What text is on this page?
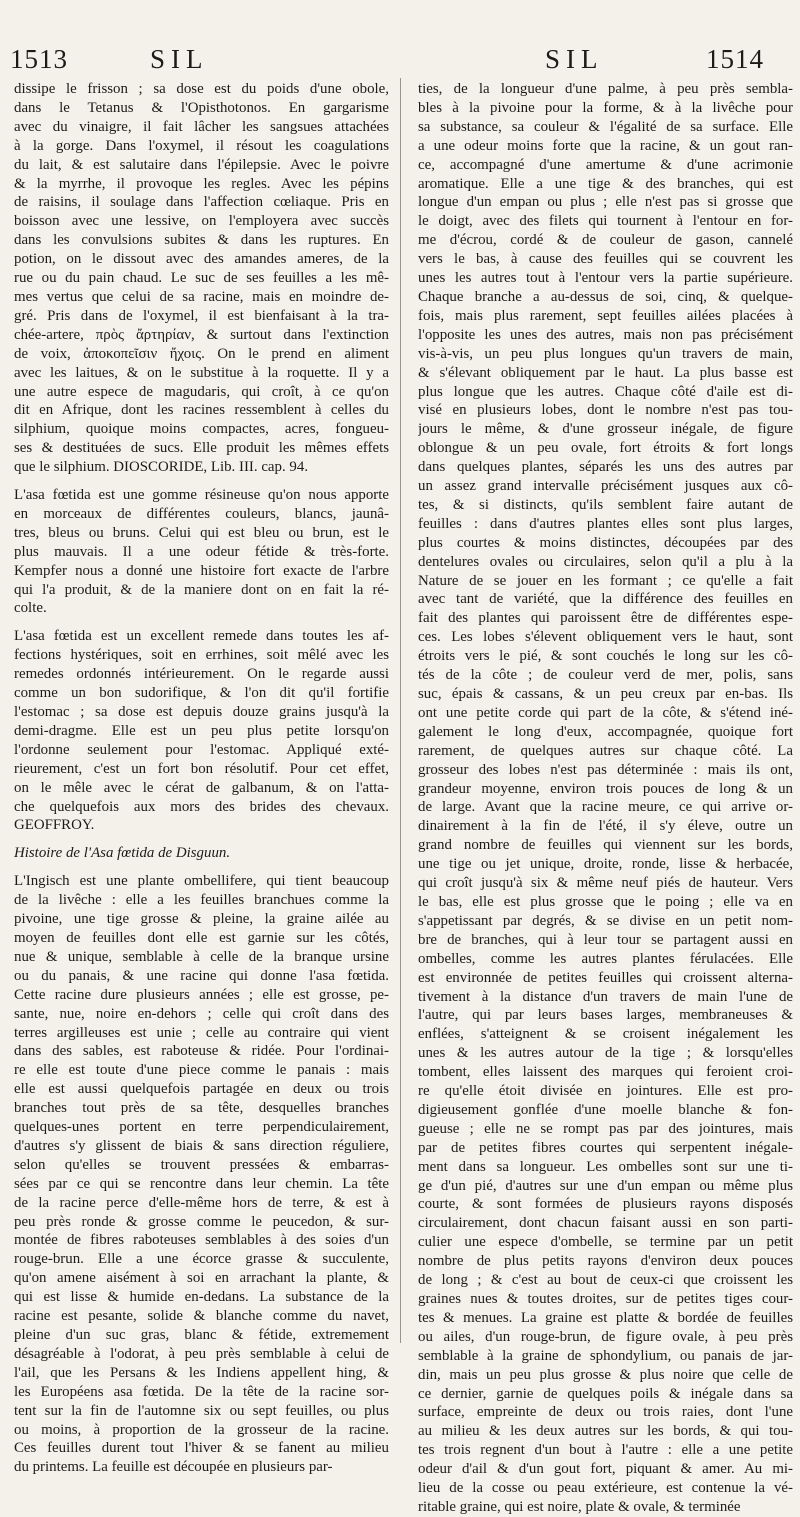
1513	SIL	SIL	1514
dissipe le frisson ; sa dose est du poids d'une obole,
dans le Tetanus & l'Opisthotonos. En gargarisme
avec du vinaigre, il fait lâcher les sangsues attachées
à la gorge. Dans l'oxymel, il résout les coagulations
du lait, & est salutaire dans l'épilepsie. Avec le poivre
& la myrrhe, il provoque les regles. Avec les pépins
de raisins, il soulage dans l'affection cœliaque. Pris en
boisson avec une lessive, on l'employera avec succès
dans les convulsions subites & dans les ruptures. En
potion, on le dissout avec des amandes ameres, de la
rue ou du pain chaud. Le suc de ses feuilles a les mê-
mes vertus que celui de sa racine, mais en moindre de-
gré. Pris dans de l'oxymel, il est bienfaisant à la tra-
chée-artere, πρὸς ἄρτηρίαν, & surtout dans l'extinction
de voix, ἀποκοπεῖσιν ἤχοις. On le prend en aliment
avec les laitues, & on le substitue à la roquette. Il y a
une autre espece de magudaris, qui croît, à ce qu'on
dit en Afrique, dont les racines ressemblent à celles du
silphium, quoique moins compactes, acres, fongueu-
ses & destituées de sucs. Elle produit les mêmes effets
que le silphium. DIOSCORIDE, Lib. III. cap. 94.
L'asa fœtida est une gomme résineuse qu'on nous apporte
en morceaux de différentes couleurs, blancs, jaunâ-
tres, bleus ou bruns. Celui qui est bleu ou brun, est le
plus mauvais. Il a une odeur fétide & très-forte.
Kempfer nous a donné une histoire fort exacte de l'arbre
qui l'a produit, & de la maniere dont on en fait la ré-
colte.
L'asa fœtida est un excellent remede dans toutes les af-
fections hystériques, soit en errhines, soit mêlé avec les
remedes ordonnés intérieurement. On le regarde aussi
comme un bon sudorifique, & l'on dit qu'il fortifie
l'estomac ; sa dose est depuis douze grains jusqu'à la
demi-dragme. Elle est un peu plus petite lorsqu'on
l'ordonne seulement pour l'estomac. Appliqué exté-
rieurement, c'est un fort bon résolutif. Pour cet effet,
on le mêle avec le cérat de galbanum, & on l'atta-
che quelquefois aux mors des brides des chevaux.
GEOFFROY.
Histoire de l'Asa fœtida de Disguun.
L'Ingisch est une plante ombellifere, qui tient beaucoup
de la livêche : elle a les feuilles branchues comme la
pivoine, une tige grosse & pleine, la graine ailée au
moyen de feuilles dont elle est garnie sur les côtés,
nue & unique, semblable à celle de la branque ursine
ou du panais, & une racine qui donne l'asa fœtida.
Cette racine dure plusieurs années ; elle est grosse, pe-
sante, nue, noire en-dehors ; celle qui croît dans des
terres argilleuses est unie ; celle au contraire qui vient
dans des sables, est raboteuse & ridée. Pour l'ordinai-
re elle est toute d'une piece comme le panais : mais
elle est aussi quelquefois partagée en deux ou trois
branches tout près de sa tête, desquelles branches
quelques-unes portent en terre perpendiculairement,
d'autres s'y glissent de biais & sans direction réguliere,
selon qu'elles se trouvent pressées & embarras-
sées par ce qui se rencontre dans leur chemin. La tête
de la racine perce d'elle-même hors de terre, & est à
peu près ronde & grosse comme le peucedon, & sur-
montée de fibres raboteuses semblables à des soies d'un
rouge-brun. Elle a une écorce grasse & succulente,
qu'on amene aisément à soi en arrachant la plante, &
qui est lisse & humide en-dedans. La substance de la
racine est pesante, solide & blanche comme du navet,
pleine d'un suc gras, blanc & fétide, extremement
désagréable à l'odorat, à peu près semblable à celui de
l'ail, que les Persans & les Indiens appellent hing, &
les Européens asa fœtida. De la tête de la racine sor-
tent sur la fin de l'automne six ou sept feuilles, ou plus
ou moins, à proportion de la grosseur de la racine.
Ces feuilles durent tout l'hiver & se fanent au milieu
du printems. La feuille est découpée en plusieurs par-
ties, de la longueur d'une palme, à peu près sembla-
bles à la pivoine pour la forme, & à la livêche pour
sa substance, sa couleur & l'égalité de sa surface. Elle
a une odeur moins forte que la racine, & un gout ran-
ce, accompagné d'une amertume & d'une acrimonie
aromatique. Elle a une tige & des branches, qui est
longue d'un empan ou plus ; elle n'est pas si grosse que
le doigt, avec des filets qui tournent à l'entour en for-
me d'écrou, cordé & de couleur de gason, cannelé
vers le bas, à cause des feuilles qui se couvrent les
unes les autres tout à l'entour vers la partie supérieure.
Chaque branche a au-dessus de soi, cinq, & quelque-
fois, mais plus rarement, sept feuilles ailées placées à
l'opposite les unes des autres, mais non pas précisément
vis-à-vis, un peu plus longues qu'un travers de main,
& s'élevant obliquement par le haut. La plus basse est
plus longue que les autres. Chaque côté d'aile est di-
visé en plusieurs lobes, dont le nombre n'est pas tou-
jours le même, & d'une grosseur inégale, de figure
oblongue & un peu ovale, fort étroits & fort longs
dans quelques plantes, séparés les uns des autres par
un assez grand intervalle précisément jusques aux cô-
tes, & si distincts, qu'ils semblent faire autant de
feuilles : dans d'autres plantes elles sont plus larges,
plus courtes & moins distinctes, découpées par des
dentelures ovales ou circulaires, selon qu'il a plu à la
Nature de se jouer en les formant ; ce qu'elle a fait
avec tant de variété, que la différence des feuilles en
fait des plantes qui paroissent être de différentes espe-
ces. Les lobes s'élevent obliquement vers le haut, sont
étroits vers le pié, & sont couchés le long sur les cô-
tés de la côte ; de couleur verd de mer, polis, sans
suc, épais & cassans, & un peu creux par en-bas. Ils
ont une petite corde qui part de la côte, & s'étend iné-
galement le long d'eux, accompagnée, quoique fort
rarement, de quelques autres sur chaque côté. La
grosseur des lobes n'est pas déterminée : mais ils ont,
grandeur moyenne, environ trois pouces de long & un
de large. Avant que la racine meure, ce qui arrive or-
dinairement à la fin de l'été, il s'y éleve, outre un
grand nombre de feuilles qui viennent sur les bords,
une tige ou jet unique, droite, ronde, lisse & herbacée,
qui croît jusqu'à six & même neuf piés de hauteur. Vers
le bas, elle est plus grosse que le poing ; elle va en
s'appetissant par degrés, & se divise en un petit nom-
bre de branches, qui à leur tour se partagent aussi en
ombelles, comme les autres plantes férulacées. Elle
est environnée de petites feuilles qui croissent alterna-
tivement à la distance d'un travers de main l'une de
l'autre, qui par leurs bases larges, membraneuses &
enflées, s'atteignent & se croisent inégalement les
unes & les autres autour de la tige ; & lorsqu'elles
tombent, elles laissent des marques qui feroient croi-
re qu'elle étoit divisée en jointures. Elle est pro-
digieusement gonflée d'une moelle blanche & fon-
gueuse ; elle ne se rompt pas par des jointures, mais
par de petites fibres courtes qui serpentent inégale-
ment dans sa longueur. Les ombelles sont sur une ti-
ge d'un pié, d'autres sur une d'un empan ou même plus
courte, & sont formées de plusieurs rayons disposés
circulairement, dont chacun faisant aussi en son parti-
culier une espece d'ombelle, se termine par un petit
nombre de plus petits rayons d'environ deux pouces
de long ; & c'est au bout de ceux-ci que croissent les
graines nues & toutes droites, sur de petites tiges cour-
tes & menues. La graine est platte & bordée de feuilles
ou ailes, d'un rouge-brun, de figure ovale, à peu près
semblable à la graine de sphondylium, ou panais de jar-
din, mais un peu plus grosse & plus noire que celle de
ce dernier, garnie de quelques poils & inégale dans sa
surface, empreinte de deux ou trois raies, dont l'une
au milieu & les deux autres sur les bords, & qui tou-
tes trois regnent d'un bout à l'autre : elle a une petite
odeur d'ail & d'un gout fort, piquant & amer. Au mi-
lieu de la cosse ou peau extérieure, est contenue la vé-
ritable graine, qui est noire, plate & ovale, & terminée
